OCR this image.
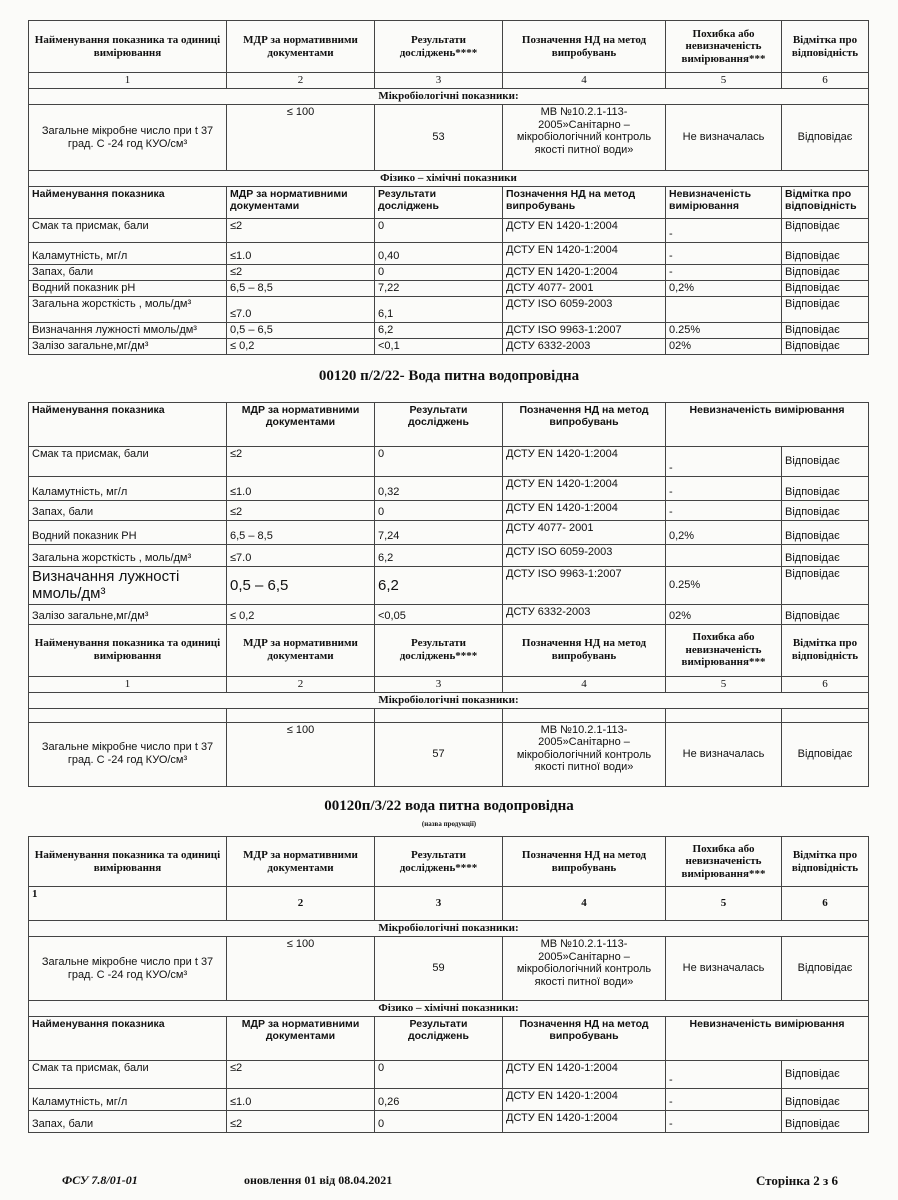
Найменування показника та одиниці вимірювання	МДР за нормативними документами	Результати досліджень****	Позначення НД на метод випробувань	Похибка або невизначеність вимірювання***	Відмітка про відповідність
1	2	3	4	5	6
Мікробіологічні показники:					
Загальне мікробне число при t 37 град. С -24 год КУО/см³	≤ 100	53	МВ №10.2.1-113-2005»Санітарно – мікробіологічний контроль якості питної води»	Не визначалась	Відповідає
Фізико – хімічні показники					
Найменування показника	МДР за нормативними документами	Результати досліджень	Позначення НД на метод випробувань	Невизначеність вимірювання	Відмітка про відповідність
Смак та присмак, бали	≤2	0	ДСТУ EN 1420-1:2004	-	Відповідає
Каламутність, мг/л	≤1.0	0,40	ДСТУ EN 1420-1:2004	-	Відповідає
Запах, бали	≤2	0	ДСТУ EN 1420-1:2004	-	Відповідає
Водний показник pH	6,5 – 8,5	7,22	ДСТУ 4077- 2001	0,2%	Відповідає
Загальна жорсткість , моль/дм³	≤7.0	6,1	ДСТУ ISO 6059-2003		Відповідає
Визначання лужності ммоль/дм³	0,5 – 6,5	6,2	ДСТУ ISO 9963-1:2007	0.25%	Відповідає
Залізо загальне,мг/дм³	≤ 0,2	<0,1	ДСТУ 6332-2003	02%	Відповідає
00120 п/2/22- Вода питна водопровідна
Найменування показника	МДР за нормативними документами	Результати досліджень	Позначення НД на метод випробувань	Невизначеність вимірювання	
Смак та присмак, бали	≤2	0	ДСТУ EN 1420-1:2004	-	Відповідає
Каламутність, мг/л	≤1.0	0,32	ДСТУ EN 1420-1:2004	-	Відповідає
Запах, бали	≤2	0	ДСТУ EN 1420-1:2004	-	Відповідає
Водний показник PH	6,5 – 8,5	7,24	ДСТУ 4077- 2001	0,2%	Відповідає
Загальна жорсткість , моль/дм³	≤7.0	6,2	ДСТУ ISO 6059-2003		Відповідає
Визначання лужності ммоль/дм³	0,5 – 6,5	6,2	ДСТУ ISO 9963-1:2007	0.25%	Відповідає
Залізо загальне,мг/дм³	≤ 0,2	<0,05	ДСТУ 6332-2003	02%	Відповідає
Найменування показника та одиниці вимірювання	МДР за нормативними документами	Результати досліджень****	Позначення НД на метод випробувань	Похибка або невизначеність вимірювання***	Відмітка про відповідність
1	2	3	4	5	6
Мікробіологічні показники:					

Загальне мікробне число при t 37 град. С -24 год КУО/см³	≤ 100	57	МВ №10.2.1-113-2005»Санітарно – мікробіологічний контроль якості питної води»	Не визначалась	Відповідає
00120п/3/22 вода питна водопровідна
(назва продукції)
Найменування показника та одиниці вимірювання	МДР за нормативними документами	Результати досліджень****	Позначення НД на метод випробувань	Похибка або невизначеність вимірювання***	Відмітка про відповідність
1	2	3	4	5	6
Мікробіологічні показники:					
Загальне мікробне число при t 37 град. С -24 год КУО/см³	≤ 100	59	МВ №10.2.1-113-2005»Санітарно – мікробіологічний контроль якості питної води»	Не визначалась	Відповідає
Фізико – хімічні показники:					
Найменування показника	МДР за нормативними документами	Результати досліджень	Позначення НД на метод випробувань	Невизначеність вимірювання	
Смак та присмак, бали	≤2	0	ДСТУ EN 1420-1:2004	-	Відповідає
Каламутність, мг/л	≤1.0	0,26	ДСТУ EN 1420-1:2004	-	Відповідає
Запах, бали	≤2	0	ДСТУ EN 1420-1:2004	-	Відповідає
ФСУ 7.8/01-01	оновлення 01 від 08.04.2021	Сторінка 2 з 6
